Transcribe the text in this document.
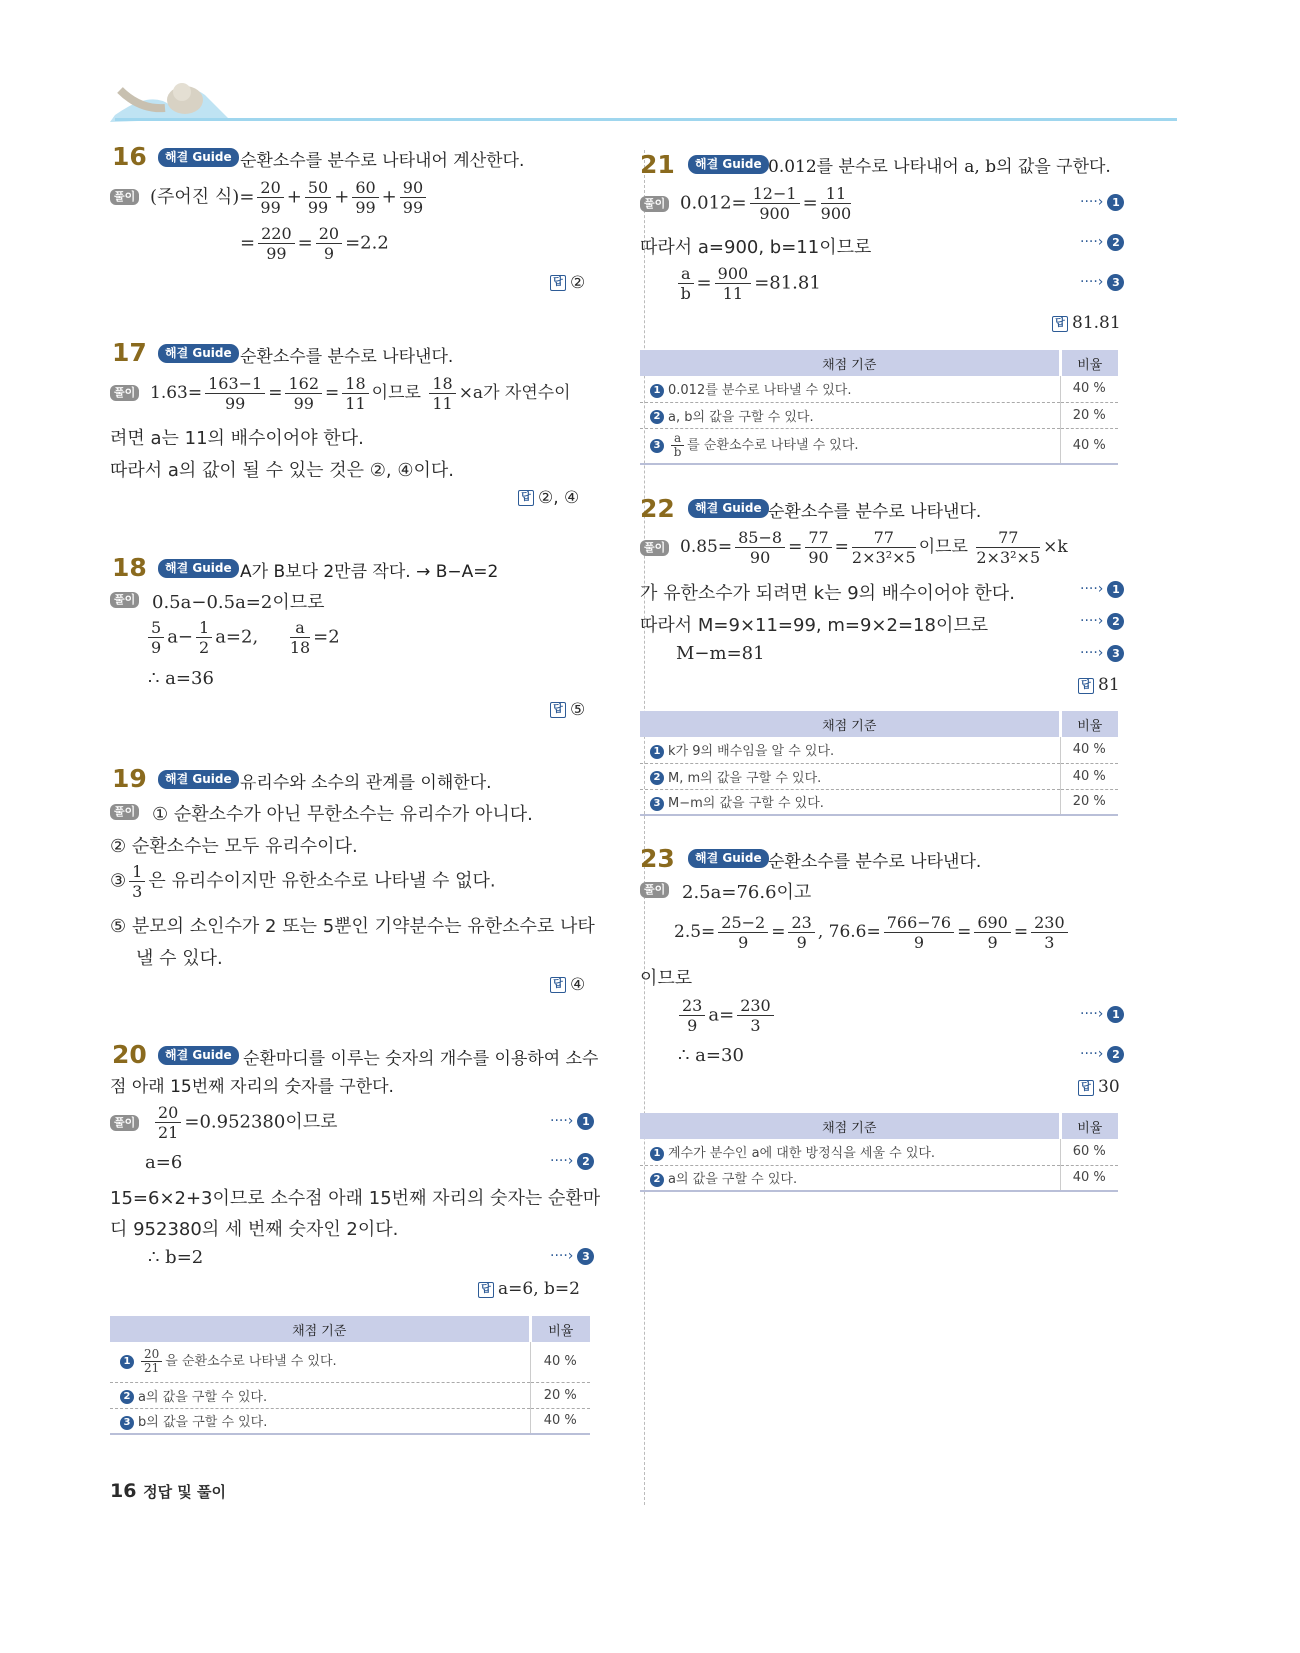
16	해결 Guide 순환소수를 분수로 나타내어 계산한다.
풀이 (주어진 식)= $\frac{20}{99} + \frac{50}{99} + \frac{60}{99} + \frac{90}{99}$
= $\frac{220}{99} = \frac{20}{9} =2.2$
답 ②
17	해결 Guide 순환소수를 분수로 나타낸다.
풀이 $1.63= \frac{163-1}{99} = \frac{162}{99} = \frac{18}{11}$ 이므로 $\frac{18}{11} \times a$가 자연수이
려면 a는 11의 배수이어야 한다.
따라서 a의 값이 될 수 있는 것은 ②, ④이다.
답 ②, ④
18	해결 Guide A가 B보다 2만큼 작다. → B−A=2
풀이 0.5a−0.5a=2이므로
$\frac{5}{9} a- \frac{1}{2} a=2$, $\frac{a}{18} =2$
∴ a=36
답 ⑤
19	해결 Guide 유리수와 소수의 관계를 이해한다.
풀이 ① 순환소수가 아닌 무한소수는 유리수가 아니다.
② 순환소수는 모두 유리수이다.
③ $\frac{1}{3}$ 은 유리수이지만 유한소수로 나타낼 수 없다.
⑤ 분모의 소인수가 2 또는 5뿐인 기약분수는 유한소수로 나타
낼 수 있다.
답 ④
20	해결 Guide 순환마디를 이루는 숫자의 개수를 이용하여 소수
점 아래 15번째 자리의 숫자를 구한다.
풀이 $\frac{20}{21} =0.952380$이므로	····› 1
a=6	····› 2
15=6×2+3이므로 소수점 아래 15번째 자리의 숫자는 순환마
디 952380의 세 번째 숫자인 2이다.
∴ b=2	····› 3
답 a=6, b=2
채점 기준	비율
$1 \frac{20}{21}$ 을 순환소수로 나타낼 수 있다.	40 %
2 a의 값을 구할 수 있다.	20 %
3 b의 값을 구할 수 있다.	40 %
21	해결 Guide 0.012를 분수로 나타내어 a, b의 값을 구한다.
풀이 $0.012= \frac{12-1}{900} = \frac{11}{900}$	····› 1
따라서 a=900, b=11이므로	····› 2
$\frac{a}{b} = \frac{900}{11} =81.81$	····› 3
답 81.81
채점 기준	비율
1 0.012를 분수로 나타낼 수 있다.	40 %
2 a, b의 값을 구할 수 있다.	20 %
$3 \frac{a}{b}$ 를 순환소수로 나타낼 수 있다.	40 %
22	해결 Guide 순환소수를 분수로 나타낸다.
풀이 $0.85= \frac{85-8}{90} = \frac{77}{90} = \frac{77}{\text{2×3²×5}}$ 이므로 $\frac{77}{\text{2×3²×5}} \times k$
가 유한소수가 되려면 k는 9의 배수이어야 한다.	····› 1
따라서 M=9×11=99, m=9×2=18이므로	····› 2
M−m=81	····› 3
답 81
채점 기준	비율
1 k가 9의 배수임을 알 수 있다.	40 %
2 M, m의 값을 구할 수 있다.	40 %
3 M−m의 값을 구할 수 있다.	20 %
23	해결 Guide 순환소수를 분수로 나타낸다.
풀이 2.5a=76.6이고
$2.5= \frac{25-2}{9} = \frac{23}{9}$ , $76.6= \frac{766-76}{9} = \frac{690}{9} = \frac{230}{3}$
이므로
$\frac{23}{9} a= \frac{230}{3}$	····› 1
∴ a=30	····› 2
답 30
채점 기준	비율
1 계수가 분수인 a에 대한 방정식을 세울 수 있다.	60 %
2 a의 값을 구할 수 있다.	40 %
16 정답 및 풀이
